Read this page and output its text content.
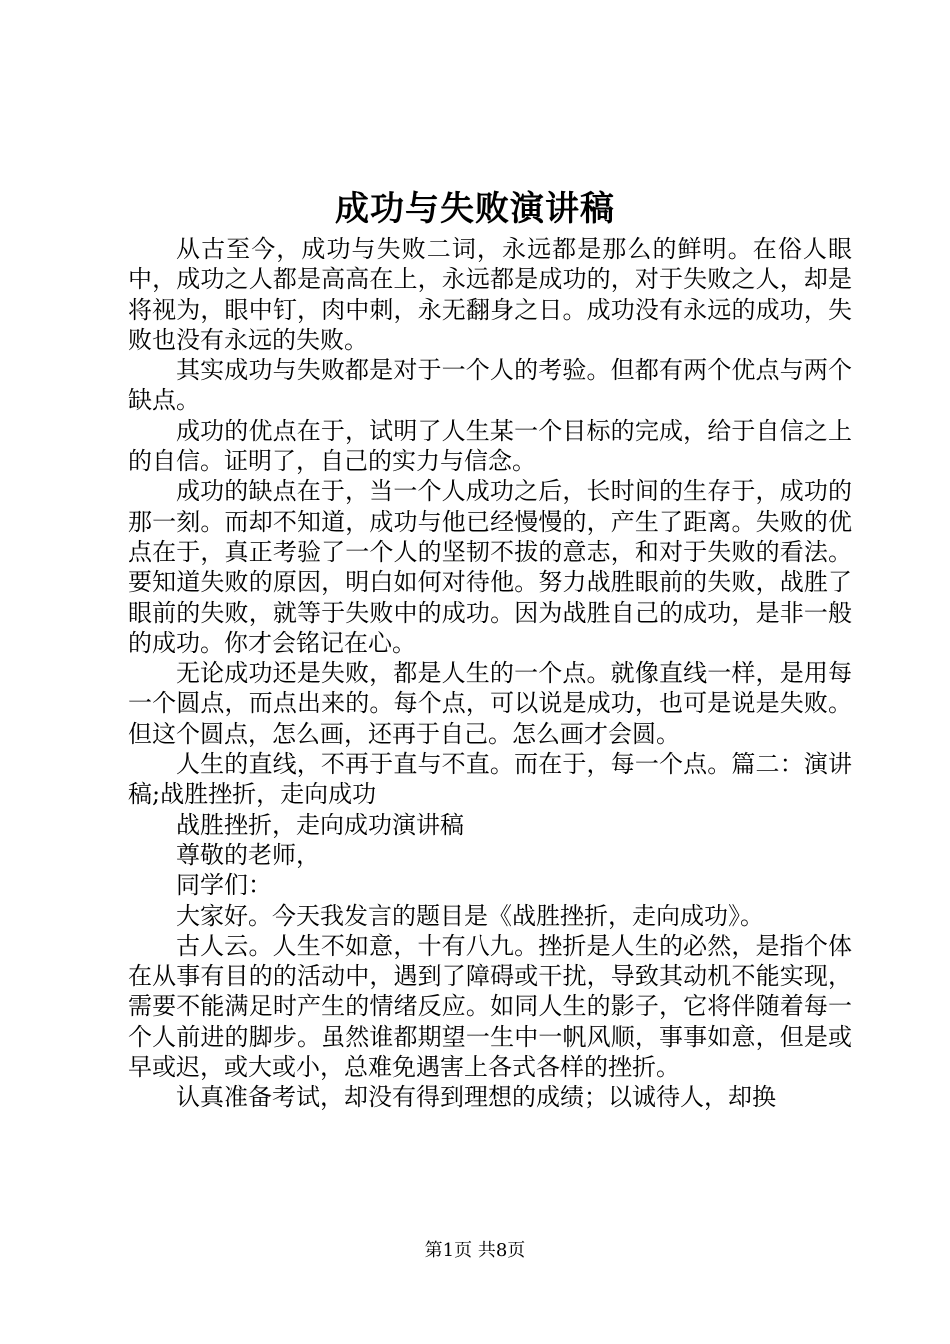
成功与失败演讲稿

从古至今，成功与失败二词，永远都是那么的鲜明。在俗人眼中，成功之人都是高高在上，永远都是成功的，对于失败之人，却是将视为，眼中钉，肉中刺，永无翻身之日。成功没有永远的成功，失败也没有永远的失败。

其实成功与失败都是对于一个人的考验。但都有两个优点与两个缺点。

成功的优点在于，试明了人生某一个目标的完成，给于自信之上的自信。证明了，自己的实力与信念。

成功的缺点在于，当一个人成功之后，长时间的生存于，成功的那一刻。而却不知道，成功与他已经慢慢的，产生了距离。失败的优点在于，真正考验了一个人的坚韧不拔的意志，和对于失败的看法。要知道失败的原因，明白如何对待他。努力战胜眼前的失败，战胜了眼前的失败，就等于失败中的成功。因为战胜自己的成功，是非一般的成功。你才会铭记在心。

无论成功还是失败，都是人生的一个点。就像直线一样，是用每一个圆点，而点出来的。每个点，可以说是成功，也可是说是失败。但这个圆点，怎么画，还再于自己。怎么画才会圆。

人生的直线，不再于直与不直。而在于，每一个点。篇二：演讲稿;战胜挫折，走向成功

战胜挫折，走向成功演讲稿

尊敬的老师，

同学们：

大家好。今天我发言的题目是《战胜挫折，走向成功》。

古人云。人生不如意，十有八九。挫折是人生的必然，是指个体在从事有目的的活动中，遇到了障碍或干扰，导致其动机不能实现，需要不能满足时产生的情绪反应。如同人生的影子，它将伴随着每一个人前进的脚步。虽然谁都期望一生中一帆风顺，事事如意，但是或早或迟，或大或小，总难免遇害上各式各样的挫折。

认真准备考试，却没有得到理想的成绩；以诚待人，却换

第1页 共8页
